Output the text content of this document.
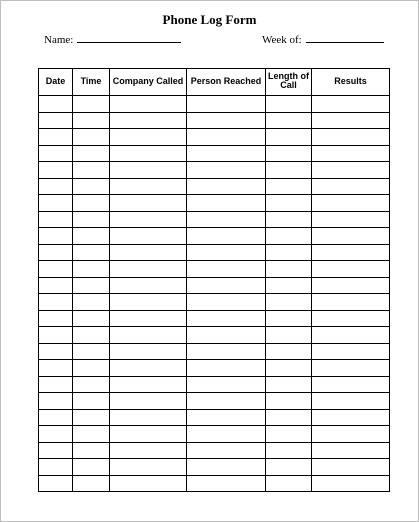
Phone Log Form
Name:	Week of:
Date	Time	Company Called	Person Reached	Length of Call	Results
